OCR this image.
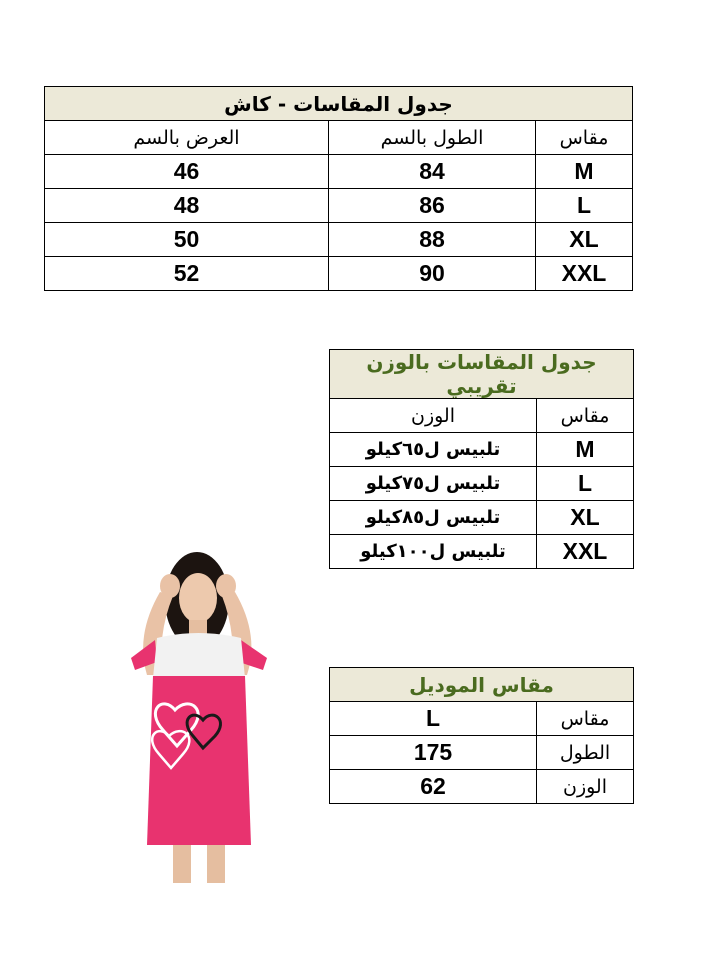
جدول المقاسات - كاش		
مقاس	الطول بالسم	العرض بالسم
M	84	46
L	86	48
XL	88	50
XXL	90	52
جدول المقاسات بالوزن تقريبي	
مقاس	الوزن
M	تلبيس ل٦٥كيلو
L	تلبيس ل٧٥كيلو
XL	تلبيس ل٨٥كيلو
XXL	تلبيس ل١٠٠كيلو
مقاس الموديل	
مقاس	L
الطول	175
الوزن	62
